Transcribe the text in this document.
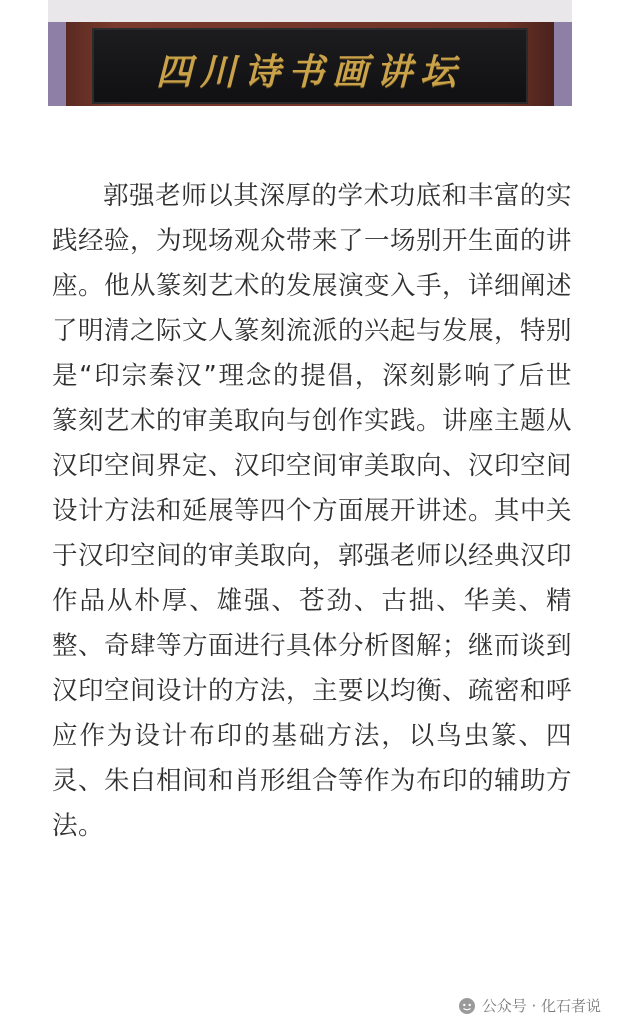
四川诗书画讲坛

郭强老师以其深厚的学术功底和丰富的实践经验，为现场观众带来了一场别开生面的讲座。他从篆刻艺术的发展演变入手，详细阐述了明清之际文人篆刻流派的兴起与发展，特别是“印宗秦汉”理念的提倡，深刻影响了后世篆刻艺术的审美取向与创作实践。讲座主题从汉印空间界定、汉印空间审美取向、汉印空间设计方法和延展等四个方面展开讲述。其中关于汉印空间的审美取向，郭强老师以经典汉印作品从朴厚、雄强、苍劲、古拙、华美、精整、奇肆等方面进行具体分析图解；继而谈到汉印空间设计的方法，主要以均衡、疏密和呼应作为设计布印的基础方法，以鸟虫篆、四灵、朱白相间和肖形组合等作为布印的辅助方法。

公众号 · 化石者说
